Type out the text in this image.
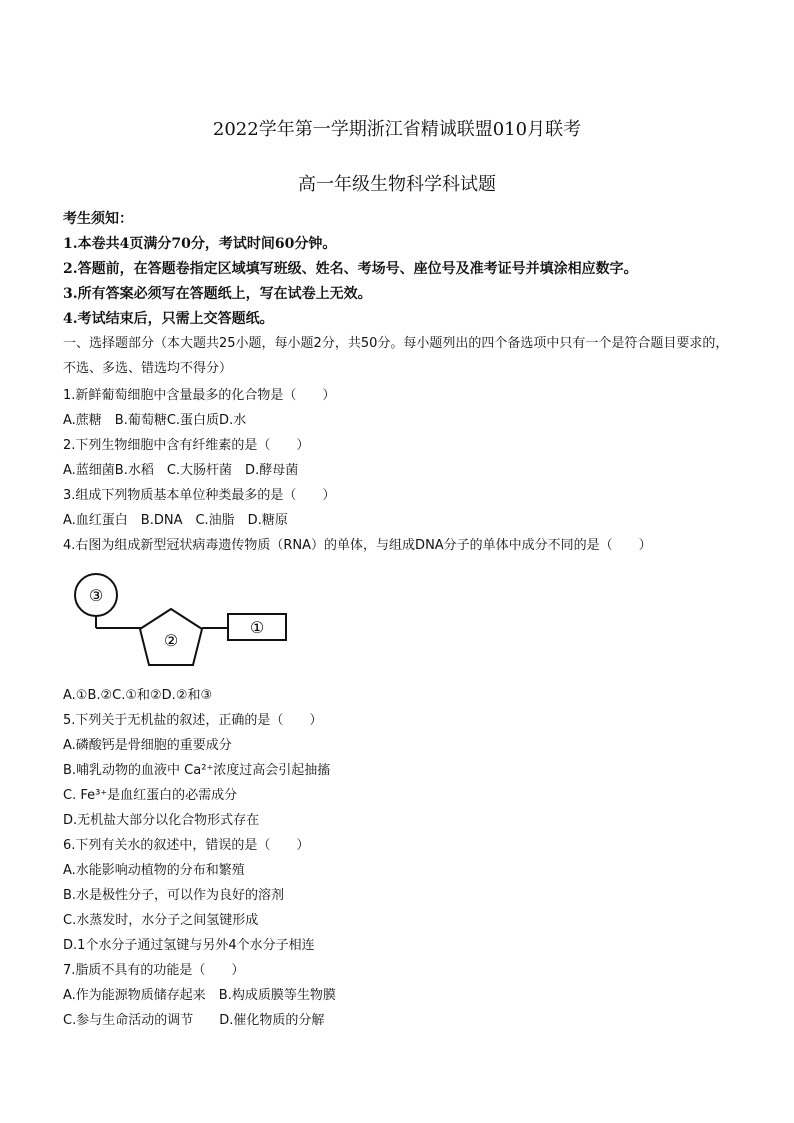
2022学年第一学期浙江省精诚联盟010月联考
高一年级生物科学科试题
考生须知：
1.本卷共4页满分70分，考试时间60分钟。
2.答题前，在答题卷指定区域填写班级、姓名、考场号、座位号及准考证号并填涂相应数字。
3.所有答案必须写在答题纸上，写在试卷上无效。
4.考试结束后，只需上交答题纸。
一、选择题部分（本大题共25小题，每小题2分，共50分。每小题列出的四个备选项中只有一个是符合题目要求的，不选、多选、错选均不得分）
1.新鲜葡萄细胞中含量最多的化合物是（　　）
A.蔗糖　B.葡萄糖C.蛋白质D.水
2.下列生物细胞中含有纤维素的是（　　）
A.蓝细菌B.水稻　C.大肠杆菌　D.酵母菌
3.组成下列物质基本单位种类最多的是（　　）
A.血红蛋白　B.DNA　C.油脂　D.糖原
4.右图为组成新型冠状病毒遗传物质（RNA）的单体，与组成DNA分子的单体中成分不同的是（　　）
③
②
①
A.①B.②C.①和②D.②和③
5.下列关于无机盐的叙述，正确的是（　　）
A.磷酸钙是骨细胞的重要成分
B.哺乳动物的血液中 Ca²⁺浓度过高会引起抽搐
C. Fe³⁺是血红蛋白的必需成分
D.无机盐大部分以化合物形式存在
6.下列有关水的叙述中，错误的是（　　）
A.水能影响动植物的分布和繁殖
B.水是极性分子，可以作为良好的溶剂
C.水蒸发时，水分子之间氢键形成
D.1个水分子通过氢键与另外4个水分子相连
7.脂质不具有的功能是（　　）
A.作为能源物质储存起来　B.构成质膜等生物膜
C.参与生命活动的调节　　D.催化物质的分解
